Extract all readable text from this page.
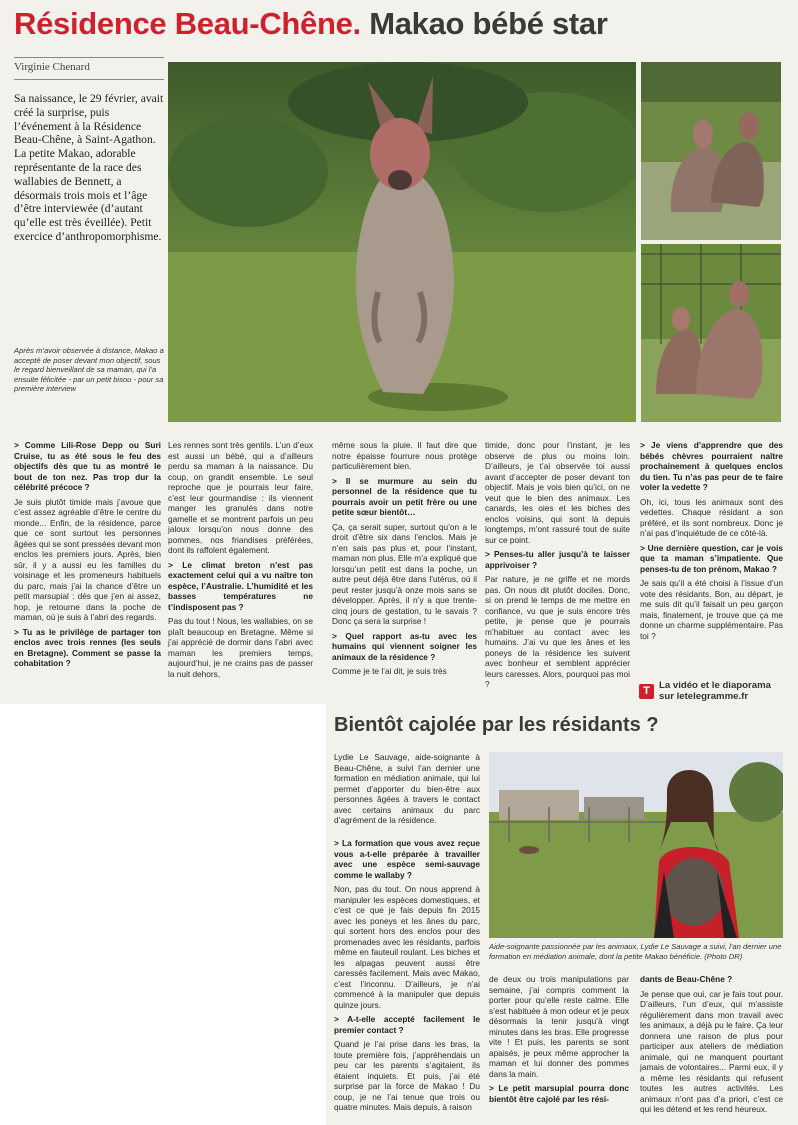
Résidence Beau-Chêne. Makao bébé star
Virginie Chenard
Sa naissance, le 29 février, avait créé la surprise, puis l’événement à la Résidence Beau-Chêne, à Saint-Agathon. La petite Makao, adorable représentante de la race des wallabies de Bennett, a désormais trois mois et l’âge d’être interviewée (d’autant qu’elle est très éveillée). Petit exercice d’anthropomorphisme.
Après m’avoir observée à distance, Makao a accepté de poser devant mon objectif, sous le regard bienveillant de sa maman, qui l’a ensuite félicitée - par un petit bisou - pour sa première interview

> Comme Lili-Rose Depp ou Suri Cruise, tu as été sous le feu des objectifs dès que tu as montré le bout de ton nez. Pas trop dur la célébrité précoce ?

Je suis plutôt timide mais j’avoue que c’est assez agréable d’être le centre du monde... Enfin, de la résidence, parce que ce sont surtout les personnes âgées qui se sont pressées devant mon enclos les premiers jours. Après, bien sûr, il y a aussi eu les familles du voisinage et les promeneurs habituels du parc, mais j’ai la chance d’être un petit marsupial : dès que j’en ai assez, hop, je retourne dans la poche de maman, où je suis à l’abri des regards.

> Tu as le privilège de partager ton enclos avec trois rennes (les seuls en Bretagne). Comment se passe la cohabitation ?

Les rennes sont très gentils. L’un d’eux est aussi un bébé, qui a d’ailleurs perdu sa maman à la naissance. Du coup, on grandit ensemble. Le seul reproche que je pourrais leur faire, c’est leur gourmandise : ils viennent manger les granulés dans notre gamelle et se montrent parfois un peu jaloux lorsqu’on nous donne des pommes, nos friandises préférées, dont ils raffolent également.

> Le climat breton n’est pas exactement celui qui a vu naître ton espèce, l’Australie. L’humidité et les basses températures ne t’indisposent pas ?

Pas du tout ! Nous, les wallabies, on se plaît beaucoup en Bretagne. Même si j’ai apprécié de dormir dans l’abri avec maman les premiers temps, aujourd’hui, je ne crains pas de passer la nuit dehors,

même sous la pluie. Il faut dire que notre épaisse fourrure nous protège particulièrement bien.

> Il se murmure au sein du personnel de la résidence que tu pourrais avoir un petit frère ou une petite sœur bientôt…

Ça, ça serait super, surtout qu’on a le droit d’être six dans l’enclos. Mais je n’en sais pas plus et, pour l’instant, maman non plus. Elle m’a expliqué que lorsqu’un petit est dans la poche, un autre peut déjà être dans l’utérus, où il peut rester jusqu’à onze mois sans se développer. Après, il n’y a que trente-cinq jours de gestation, tu le savais ? Donc ça sera la surprise !

> Quel rapport as-tu avec les humains qui viennent soigner les animaux de la résidence ?

Comme je te l’ai dit, je suis très

timide, donc pour l’instant, je les observe de plus ou moins loin. D’ailleurs, je t’ai observée toi aussi avant d’accepter de poser devant ton objectif. Mais je vois bien qu’ici, on ne veut que le bien des animaux. Les canards, les oies et les biches des enclos voisins, qui sont là depuis longtemps, m’ont rassuré tout de suite sur ce point.

> Penses-tu aller jusqu’à te laisser apprivoiser ?

Par nature, je ne griffe et ne mords pas. On nous dit plutôt dociles. Donc, si on prend le temps de me mettre en confiance, vu que je suis encore très petite, je pense que je pourrais m’habituer au contact avec les humains. J’ai vu que les ânes et les poneys de la résidence les suivent avec bonheur et semblent apprécier leurs caresses. Alors, pourquoi pas moi ?

> Je viens d’apprendre que des bébés chèvres pourraient naître prochainement à quelques enclos du tien. Tu n’as pas peur de te faire voler la vedette ?

Oh, ici, tous les animaux sont des vedettes. Chaque résidant a son préféré, et ils sont nombreux. Donc je n’ai pas d’inquiétude de ce côté-là.

> Une dernière question, car je vois que ta maman s’impatiente. Que penses-tu de ton prénom, Makao ?

Je sais qu’il a été choisi à l’issue d’un vote des résidants. Bon, au départ, je me suis dit qu’il faisait un peu garçon mais, finalement, je trouve que ça me donne un charme supplémentaire. Pas toi ?

T La vidéo et le diaporama
sur letelegramme.fr
Bientôt cajolée par les résidants ?

Lydie Le Sauvage, aide-soignante à Beau-Chêne, a suivi l’an dernier une formation en médiation animale, qui lui permet d’apporter du bien-être aux personnes âgées à travers le contact avec certains animaux du parc d’agrément de la résidence.

Aide-soignante passionnée par les animaux, Lydie Le Sauvage a suivi, l’an dernier une formation en médiation animale, dont la petite Makao bénéficie. (Photo DR)

> La formation que vous avez reçue vous a-t-elle préparée à travailler avec une espèce semi-sauvage comme le wallaby ?

Non, pas du tout. On nous apprend à manipuler les espèces domestiques, et c’est ce que je fais depuis fin 2015 avec les poneys et les ânes du parc, qui sortent hors des enclos pour des promenades avec les résidants, parfois même en fauteuil roulant. Les biches et les alpagas peuvent aussi être caressés facilement. Mais avec Makao, c’est l’inconnu. D’ailleurs, je n’ai commencé à la manipuler que depuis quinze jours.

> A-t-elle accepté facilement le premier contact ?

Quand je l’ai prise dans les bras, la toute première fois, j’appréhendais un peu car les parents s’agitaient, ils étaient inquiets. Et puis, j’ai été surprise par la force de Makao ! Du coup, je ne l’ai tenue que trois ou quatre minutes. Mais depuis, à raison

de deux ou trois manipulations par semaine, j’ai compris comment la porter pour qu’elle reste calme. Elle s’est habituée à mon odeur et je peux désormais la tenir jusqu’à vingt minutes dans les bras. Elle progresse vite ! Et puis, les parents se sont apaisés, je peux même approcher la maman et lui donner des pommes dans la main.

> Le petit marsupial pourra donc bientôt être cajolé par les rési-

dants de Beau-Chêne ?

Je pense que oui, car je fais tout pour. D’ailleurs, l’un d’eux, qui m’assiste régulièrement dans mon travail avec les animaux, a déjà pu le faire. Ça leur donnera une raison de plus pour participer aux ateliers de médiation animale, qui ne manquent pourtant jamais de volontaires... Parmi eux, il y a même les résidants qui refusent toutes les autres activités. Les animaux n’ont pas d’a priori, c’est ce qui les détend et les rend heureux.
